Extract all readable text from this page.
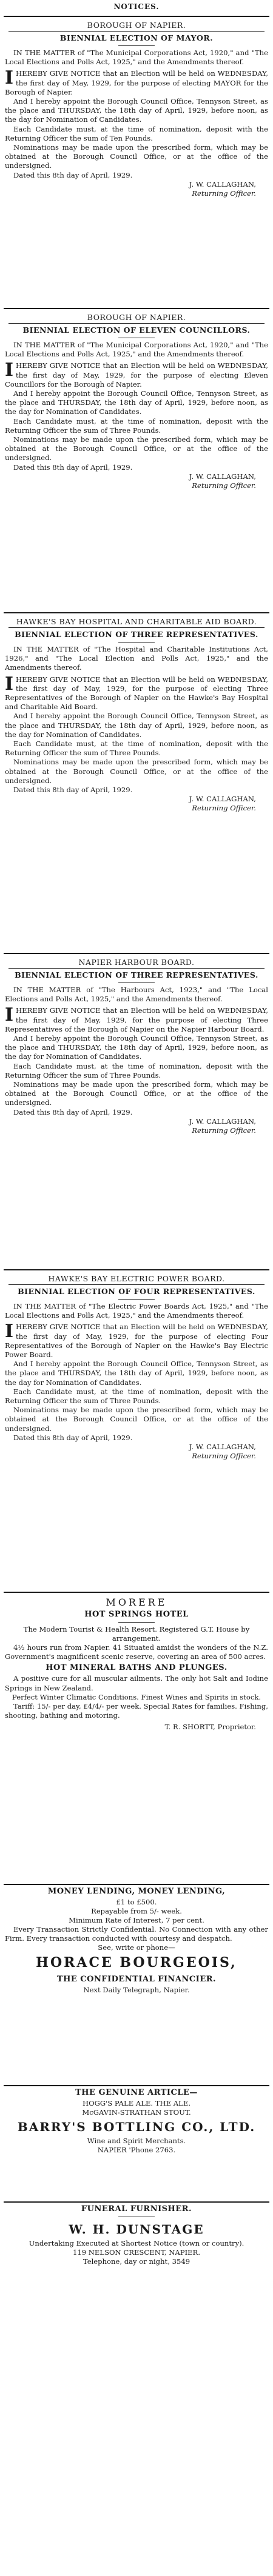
NOTICES.
BOROUGH OF NAPIER.
BIENNIAL ELECTION OF MAYOR.

IN THE MATTER of "The Municipal Corporations Act, 1920," and "The Local Elections and Polls Act, 1925," and the Amendments thereof.

IHEREBY GIVE NOTICE that an Election will be held on WEDNESDAY, the first day of May, 1929, for the purpose of electing MAYOR for the Borough of Napier.

And I hereby appoint the Borough Council Office, Tennyson Street, as the place and THURSDAY, the 18th day of April, 1929, before noon, as the day for Nomination of Candidates.

Each Candidate must, at the time of nomination, deposit with the Returning Officer the sum of Ten Pounds.

Nominations may be made upon the prescribed form, which may be obtained at the Borough Council Office, or at the office of the undersigned.

Dated this 8th day of April, 1929.

J. W. CALLAGHAN,
Returning Officer.
BOROUGH OF NAPIER.
BIENNIAL ELECTION OF ELEVEN COUNCILLORS.

IN THE MATTER of "The Municipal Corporations Act, 1920," and "The Local Elections and Polls Act, 1925," and the Amendments thereof.

IHEREBY GIVE NOTICE that an Election will be held on WEDNESDAY, the first day of May, 1929, for the purpose of electing Eleven Councillors for the Borough of Napier.

And I hereby appoint the Borough Council Office, Tennyson Street, as the place and THURSDAY, the 18th day of April, 1929, before noon, as the day for Nomination of Candidates.

Each Candidate must, at the time of nomination, deposit with the Returning Officer the sum of Three Pounds.

Nominations may be made upon the prescribed form, which may be obtained at the Borough Council Office, or at the office of the undersigned.

Dated this 8th day of April, 1929.

J. W. CALLAGHAN,
Returning Officer.
HAWKE'S BAY HOSPITAL AND CHARITABLE AID BOARD.
BIENNIAL ELECTION OF THREE REPRESENTATIVES.

IN THE MATTER of "The Hospital and Charitable Institutions Act, 1926," and "The Local Election and Polls Act, 1925," and the Amendments thereof.

IHEREBY GIVE NOTICE that an Election will be held on WEDNESDAY, the first day of May, 1929, for the purpose of electing Three Representatives of the Borough of Napier on the Hawke's Bay Hospital and Charitable Aid Board.

And I hereby appoint the Borough Council Office, Tennyson Street, as the place and THURSDAY, the 18th day of April, 1929, before noon, as the day for Nomination of Candidates.

Each Candidate must, at the time of nomination, deposit with the Returning Officer the sum of Three Pounds.

Nominations may be made upon the prescribed form, which may be obtained at the Borough Council Office, or at the office of the undersigned.

Dated this 8th day of April, 1929.

J. W. CALLAGHAN,
Returning Officer.
NAPIER HARBOUR BOARD.
BIENNIAL ELECTION OF THREE REPRESENTATIVES.

IN THE MATTER of "The Harbours Act, 1923," and "The Local Elections and Polls Act, 1925," and the Amendments thereof.

IHEREBY GIVE NOTICE that an Election will be held on WEDNESDAY, the first day of May, 1929, for the purpose of electing Three Representatives of the Borough of Napier on the Napier Harbour Board.

And I hereby appoint the Borough Council Office, Tennyson Street, as the place and THURSDAY, the 18th day of April, 1929, before noon, as the day for Nomination of Candidates.

Each Candidate must, at the time of nomination, deposit with the Returning Officer the sum of Three Pounds.

Nominations may be made upon the prescribed form, which may be obtained at the Borough Council Office, or at the office of the undersigned.

Dated this 8th day of April, 1929.

J. W. CALLAGHAN,
Returning Officer.
HAWKE'S BAY ELECTRIC POWER BOARD.
BIENNIAL ELECTION OF FOUR REPRESENTATIVES.

IN THE MATTER of "The Electric Power Boards Act, 1925," and "The Local Elections and Polls Act, 1925," and the Amendments thereof.

IHEREBY GIVE NOTICE that an Election will be held on WEDNESDAY, the first day of May, 1929, for the purpose of electing Four Representatives of the Borough of Napier on the Hawke's Bay Electric Power Board.

And I hereby appoint the Borough Council Office, Tennyson Street, as the place and THURSDAY, the 18th day of April, 1929, before noon, as the day for Nomination of Candidates.

Each Candidate must, at the time of nomination, deposit with the Returning Officer the sum of Three Pounds.

Nominations may be made upon the prescribed form, which may be obtained at the Borough Council Office, or at the office of the undersigned.

Dated this 8th day of April, 1929.

J. W. CALLAGHAN,
Returning Officer.
MORERE
HOT SPRINGS HOTEL

The Modern Tourist & Health Resort. Registered G.T. House by arrangement.

4½ hours run from Napier. 41 Situated amidst the wonders of the N.Z. Government's magnificent scenic reserve, covering an area of 500 acres.

HOT MINERAL BATHS AND PLUNGES.

A positive cure for all muscular ailments. The only hot Salt and Iodine Springs in New Zealand.

Perfect Winter Climatic Conditions. Finest Wines and Spirits in stock.

Tariff: 15/- per day, £4/4/- per week. Special Rates for families. Fishing, shooting, bathing and motoring.

T. R. SHORTT, Proprietor.
MONEY LENDING, MONEY LENDING,

£1 to £500.

Repayable from 5/- week.

Minimum Rate of Interest, 7 per cent.

Every Transaction Strictly Confidential. No Connection with any other Firm. Every transaction conducted with courtesy and despatch.

See, write or phone—

HORACE BOURGEOIS,
THE CONFIDENTIAL FINANCIER.

Next Daily Telegraph, Napier.

THE GENUINE ARTICLE—

HOGG'S PALE ALE. THE ALE.

McGAVIN-STRATHAN STOUT.

BARRY'S BOTTLING CO., LTD.

Wine and Spirit Merchants.

NAPIER 'Phone 2763.

FUNERAL FURNISHER.
W. H. DUNSTAGE

Undertaking Executed at Shortest Notice (town or country).

119 NELSON CRESCENT, NAPIER.

Telephone, day or night, 3549
